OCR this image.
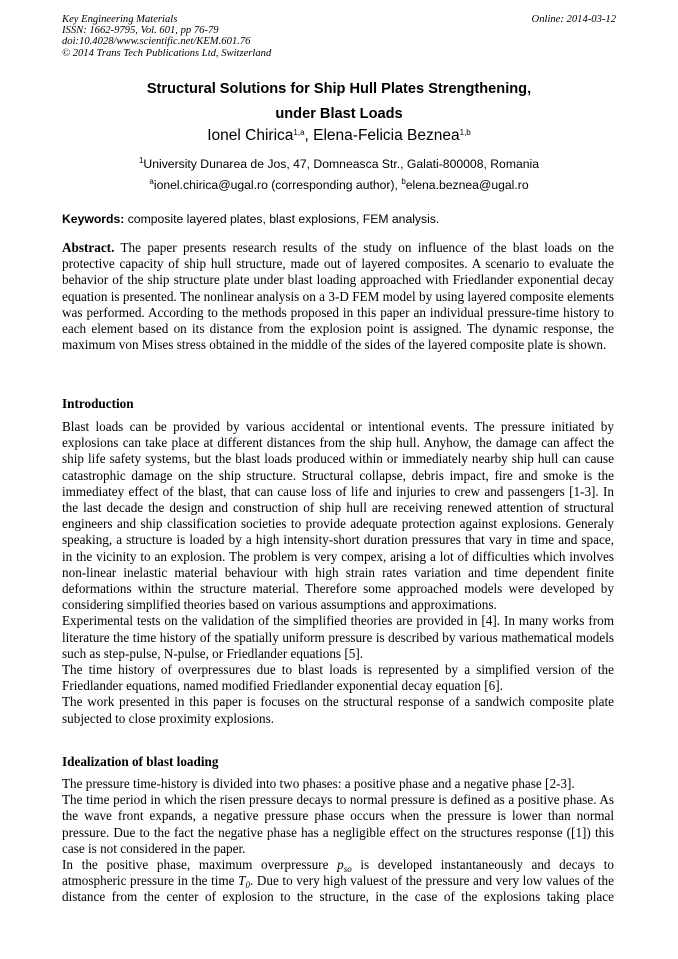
Key Engineering Materials
ISSN: 1662-9795, Vol. 601, pp 76-79
doi:10.4028/www.scientific.net/KEM.601.76
© 2014 Trans Tech Publications Ltd, Switzerland
Online: 2014-03-12
Structural Solutions for Ship Hull Plates Strengthening,
under Blast Loads
Ionel Chirica$^{1,a}$, Elena-Felicia Beznea$^{1,b}$
$^1$University Dunarea de Jos, 47, Domneasca Str., Galati-800008, Romania
$^a$ionel.chirica@ugal.ro (corresponding author), $^b$elena.beznea@ugal.ro
Keywords: composite layered plates, blast explosions, FEM analysis.

Abstract. The paper presents research results of the study on influence of the blast loads on the protective capacity of ship hull structure, made out of layered composites. A scenario to evaluate the behavior of the ship structure plate under blast loading approached with Friedlander exponential decay equation is presented. The nonlinear analysis on a 3-D FEM model by using layered composite elements was performed. According to the methods proposed in this paper an individual pressure-time history to each element based on its distance from the explosion point is assigned. The dynamic response, the maximum von Mises stress obtained in the middle of the sides of the layered composite plate is shown.

Introduction

Blast loads can be provided by various accidental or intentional events. The pressure initiated by explosions can take place at different distances from the ship hull. Anyhow, the damage can affect the ship life safety systems, but the blast loads produced within or immediately nearby ship hull can cause catastrophic damage on the ship structure. Structural collapse, debris impact, fire and smoke is the immediatey effect of the blast, that can cause loss of life and injuries to crew and passengers [1-3]. In the last decade the design and construction of ship hull are receiving renewed attention of structural engineers and ship classification societies to provide adequate protection against explosions. Generaly speaking, a structure is loaded by a high intensity-short duration pressures that vary in time and space, in the vicinity to an explosion. The problem is very compex, arising a lot of difficulties which involves non-linear inelastic material behaviour with high strain rates variation and time dependent finite deformations within the structure material. Therefore some approached models were developed by considering simplified theories based on various assumptions and approximations.

Experimental tests on the validation of the simplified theories are provided in [4]. In many works from literature the time history of the spatially uniform pressure is described by various mathematical models such as step-pulse, N-pulse, or Friedlander equations [5].

The time history of overpressures due to blast loads is represented by a simplified version of the Friedlander equations, named modified Friedlander exponential decay equation [6].

The work presented in this paper is focuses on the structural response of a sandwich composite plate subjected to close proximity explosions.

Idealization of blast loading

The pressure time-history is divided into two phases: a positive phase and a negative phase [2-3].

The time period in which the risen pressure decays to normal pressure is defined as a positive phase. As the wave front expands, a negative pressure phase occurs when the pressure is lower than normal pressure. Due to the fact the negative phase has a negligible effect on the structures response ([1]) this case is not considered in the paper.

In the positive phase, maximum overpressure $p_{so}$ is developed instantaneously and decays to atmospheric pressure in the time $T_0$. Due to very high valuest of the pressure and very low values of the distance from the center of explosion to the structure, in the case of the explosions taking place
